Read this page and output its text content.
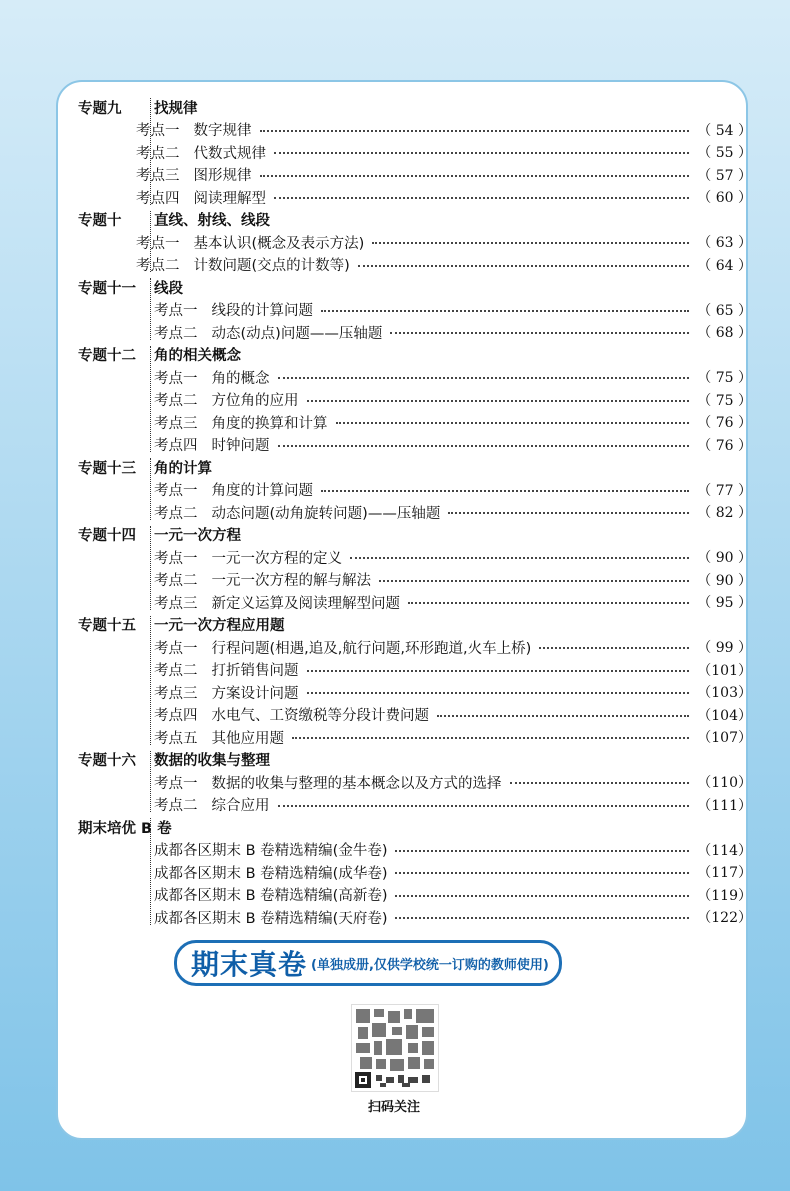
专题九	找规律
考点一 数字规律	（ 54 ）
考点二 代数式规律	（ 55 ）
考点三 图形规律	（ 57 ）
考点四 阅读理解型	（ 60 ）
专题十	直线、射线、线段
考点一 基本认识(概念及表示方法)	（ 63 ）
考点二 计数问题(交点的计数等)	（ 64 ）
专题十一	线段
考点一 线段的计算问题	（ 65 ）
考点二 动态(动点)问题——压轴题	（ 68 ）
专题十二	角的相关概念
考点一 角的概念	（ 75 ）
考点二 方位角的应用	（ 75 ）
考点三 角度的换算和计算	（ 76 ）
考点四 时钟问题	（ 76 ）
专题十三	角的计算
考点一 角度的计算问题	（ 77 ）
考点二 动态问题(动角旋转问题)——压轴题	（ 82 ）
专题十四	一元一次方程
考点一 一元一次方程的定义	（ 90 ）
考点二 一元一次方程的解与解法	（ 90 ）
考点三 新定义运算及阅读理解型问题	（ 95 ）
专题十五	一元一次方程应用题
考点一 行程问题(相遇,追及,航行问题,环形跑道,火车上桥)	（ 99 ）
考点二 打折销售问题	（101）
考点三 方案设计问题	（103）
考点四 水电气、工资缴税等分段计费问题	（104）
考点五 其他应用题	（107）
专题十六	数据的收集与整理
考点一 数据的收集与整理的基本概念以及方式的选择	（110）
考点二 综合应用	（111）
期末培优 B 卷
成都各区期末 B 卷精选精编(金牛卷)	（114）
成都各区期末 B 卷精选精编(成华卷)	（117）
成都各区期末 B 卷精选精编(高新卷)	（119）
成都各区期末 B 卷精选精编(天府卷)	（122）
期末真卷 (单独成册,仅供学校统一订购的教师使用)
扫码关注
